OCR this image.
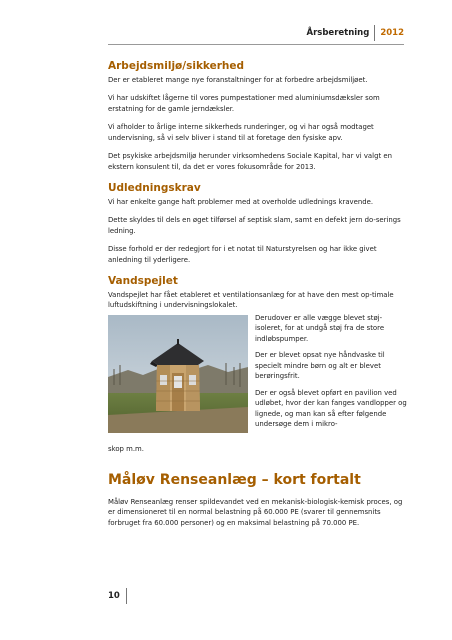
Årsberetning	2012
Arbejdsmiljø/sikkerhed

Der er etableret mange nye foranstaltninger for at forbedre arbejdsmiljøet.

Vi har udskiftet lågerne til vores pumpestationer med aluminiumsdæksler som erstatning for de gamle jerndæksler.

Vi afholder to årlige interne sikkerheds runderinger, og vi har også modtaget undervisning, så vi selv bliver i stand til at foretage den fysiske apv.

Det psykiske arbejdsmiljø herunder virksomhedens Sociale Kapital, har vi valgt en ekstern konsulent til, da det er vores fokusområde for 2013.

Udledningskrav

Vi har enkelte gange haft problemer med at overholde udlednings kravende.

Dette skyldes til dels en øget tilførsel af septisk slam, samt en defekt jern do-serings ledning.

Disse forhold er der redegjort for i et notat til Naturstyrelsen og har ikke givet anledning til yderligere.

Vandspejlet

Vandspejlet har fået etableret et ventilationsanlæg for at have den mest op-timale luftudskiftning i undervisningslokalet.

Derudover er alle vægge blevet støj-isoleret, for at undgå støj fra de store indløbspumper.

Der er blevet opsat nye håndvaske til specielt mindre børn og alt er blevet berøringsfrit.

Der er også blevet opført en pavilion ved udløbet, hvor der kan fanges vandlopper og lignede, og man kan så efter følgende undersøge dem i mikro-

skop m.m.
Måløv Renseanlæg – kort fortalt

Måløv Renseanlæg renser spildevandet ved en mekanisk-biologisk-kemisk proces, og er dimensioneret til en normal belastning på 60.000 PE (svarer til gennemsnits forbruget fra 60.000 personer) og en maksimal belastning på 70.000 PE.

10
